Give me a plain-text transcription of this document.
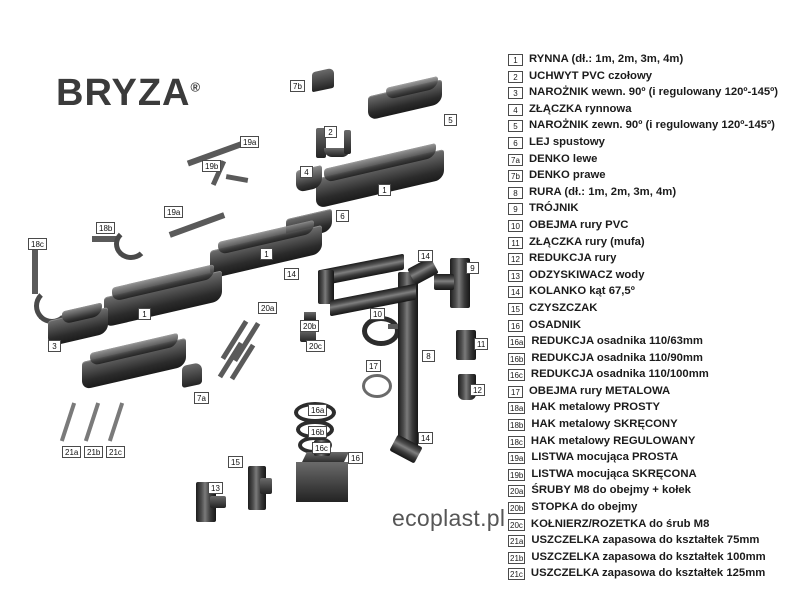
BRYZA®	7b
5
2
19a
19b
1
4
19a
18b
6
1
18c
1
14
14
9
10
20a
20b
20c
17
8
11
3
12
7a
16a
16b
16c
14
21a	21b	21c
15	16
13
1 RYNNA (dł.: 1m, 2m, 3m, 4m)
2 UCHWYT PVC czołowy
3 NAROŻNIK wewn. 90º (i regulowany 120º-145º)
4 ZŁĄCZKA rynnowa
5 NAROŻNIK zewn. 90º (i regulowany 120º-145º)
6 LEJ spustowy
7a DENKO lewe
7b DENKO prawe
8 RURA (dł.: 1m, 2m, 3m, 4m)
9 TRÓJNIK
10 OBEJMA rury PVC
11 ZŁĄCZKA rury (mufa)
12 REDUKCJA rury
13 ODZYSKIWACZ wody
14 KOLANKO kąt 67,5º
15 CZYSZCZAK
16 OSADNIK
16a REDUKCJA osadnika 110/63mm
16b REDUKCJA osadnika 110/90mm
16c REDUKCJA osadnika 110/100mm
17 OBEJMA rury METALOWA
18a HAK metalowy PROSTY
18b HAK metalowy SKRĘCONY
18c HAK metalowy REGULOWANY
19a LISTWA mocująca PROSTA
19b LISTWA mocująca SKRĘCONA
20a ŚRUBY M8 do obejmy + kołek
20b STOPKA do obejmy
20c KOŁNIERZ/ROZETKA do śrub M8
21a USZCZELKA zapasowa do kształtek 75mm
21b USZCZELKA zapasowa do kształtek 100mm
21c USZCZELKA zapasowa do kształtek 125mm
ecoplast.pl
